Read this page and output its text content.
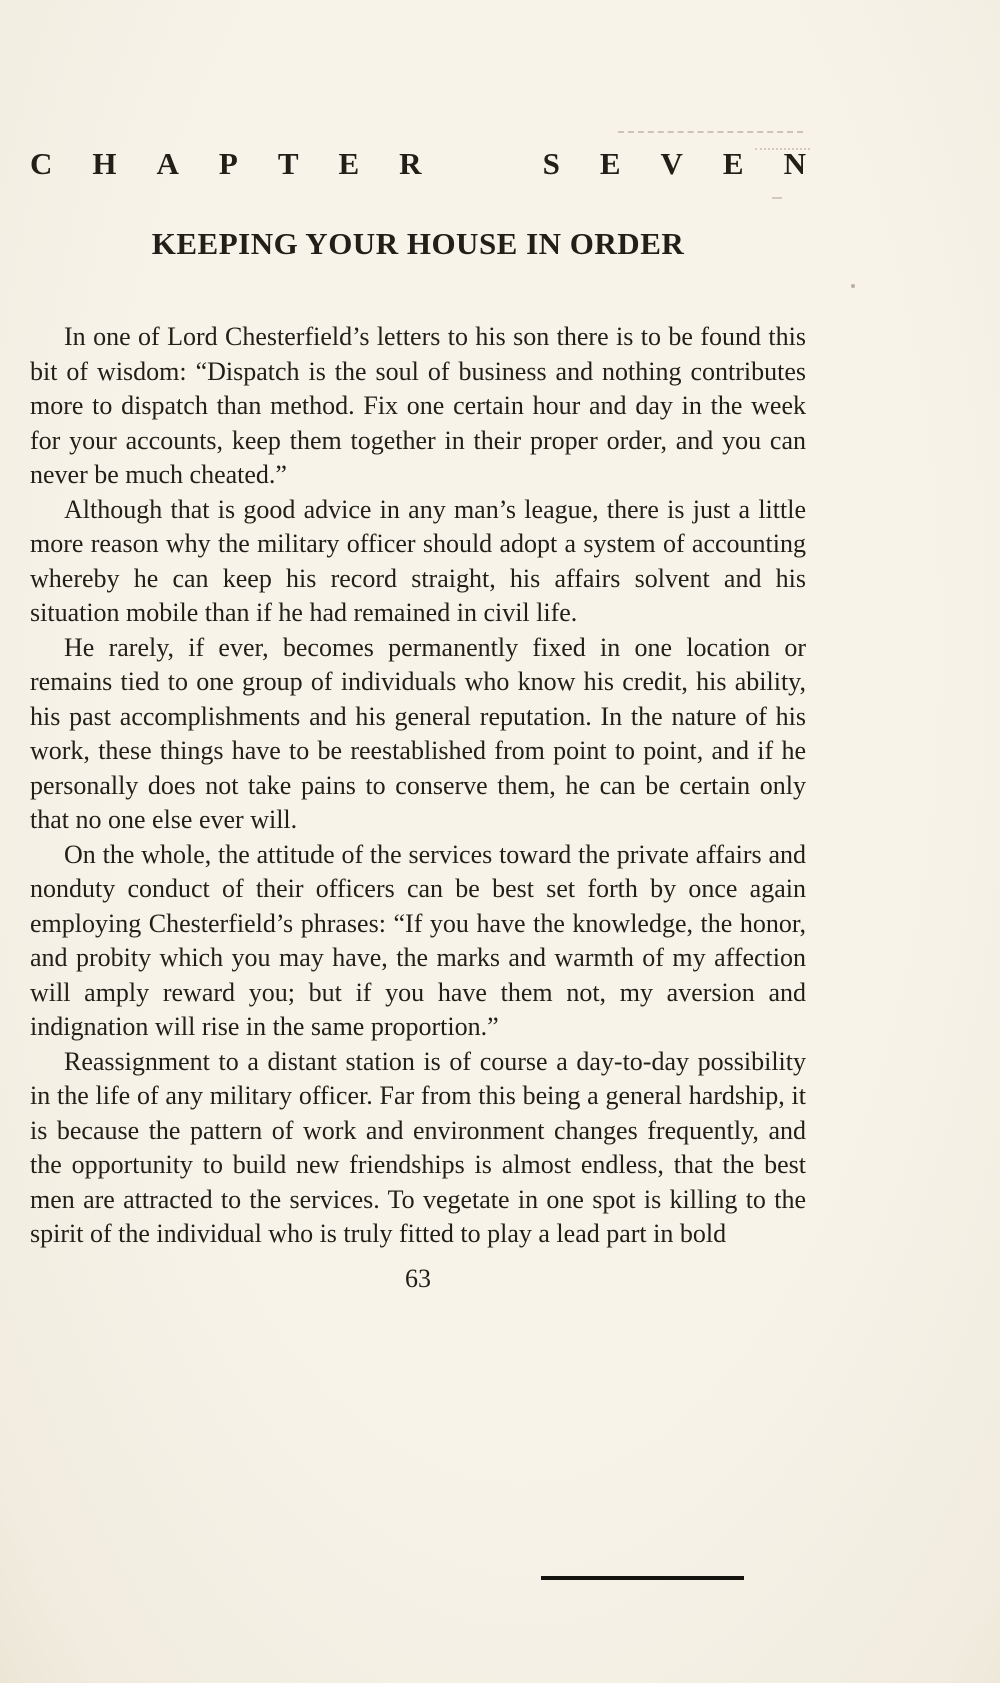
CHAPTER	SEVEN
KEEPING YOUR HOUSE IN ORDER

In one of Lord Chesterfield’s letters to his son there is to be found this bit of wisdom: “Dispatch is the soul of business and nothing contributes more to dispatch than method. Fix one certain hour and day in the week for your accounts, keep them together in their proper order, and you can never be much cheated.”

Although that is good advice in any man’s league, there is just a little more reason why the military officer should adopt a system of accounting whereby he can keep his record straight, his affairs solvent and his situation mobile than if he had remained in civil life.

He rarely, if ever, becomes permanently fixed in one location or remains tied to one group of individuals who know his credit, his ability, his past accomplishments and his general reputation. In the nature of his work, these things have to be reestablished from point to point, and if he personally does not take pains to conserve them, he can be certain only that no one else ever will.

On the whole, the attitude of the services toward the private affairs and nonduty conduct of their officers can be best set forth by once again employing Chesterfield’s phrases: “If you have the knowledge, the honor, and probity which you may have, the marks and warmth of my affection will amply reward you; but if you have them not, my aversion and indignation will rise in the same proportion.”

Reassignment to a distant station is of course a day-to-day possibility in the life of any military officer. Far from this being a general hardship, it is because the pattern of work and environment changes frequently, and the opportunity to build new friendships is almost endless, that the best men are attracted to the services. To vegetate in one spot is killing to the spirit of the individual who is truly fitted to play a lead part in bold

63
